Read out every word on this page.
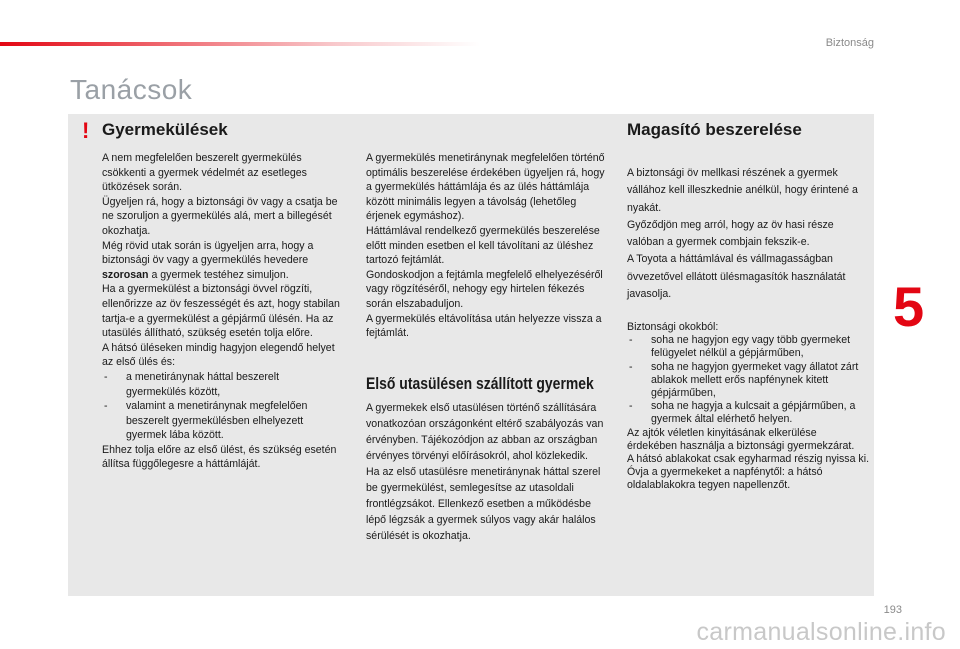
Biztonság
Tanácsok
! Gyermekülések	Magasító beszerelése

A nem megfelelően beszerelt gyermekülés csökkenti a gyermek védelmét az esetleges ütközések során.

Ügyeljen rá, hogy a biztonsági öv vagy a csatja be ne szoruljon a gyermekülés alá, mert a billegését okozhatja.

Még rövid utak során is ügyeljen arra, hogy a biztonsági öv vagy a gyermekülés hevedere szorosan a gyermek testéhez simuljon.

Ha a gyermekülést a biztonsági övvel rögzíti, ellenőrizze az öv feszességét és azt, hogy stabilan tartja-e a gyermekülést a gépjármű ülésén. Ha az utasülés állítható, szükség esetén tolja előre.

A hátsó üléseken mindig hagyjon elegendő helyet az első ülés és:

- a menetiránynak háttal beszerelt gyermekülés között,

- valamint a menetiránynak megfelelően beszerelt gyermekülésben elhelyezett gyermek lába között.

Ehhez tolja előre az első ülést, és szükség esetén állítsa függőlegesre a háttámláját.

A gyermekülés menetiránynak megfelelően történő optimális beszerelése érdekében ügyeljen rá, hogy a gyermekülés háttámlája és az ülés háttámlája között minimális legyen a távolság (lehetőleg érjenek egymáshoz).

Háttámlával rendelkező gyermekülés beszerelése előtt minden esetben el kell távolítani az üléshez tartozó fejtámlát.

Gondoskodjon a fejtámla megfelelő elhelyezéséről vagy rögzítéséről, nehogy egy hirtelen fékezés során elszabaduljon.

A gyermekülés eltávolítása után helyezze vissza a fejtámlát.

Első utasülésen szállított gyermek

A gyermekek első utasülésen történő szállítására vonatkozóan országonként eltérő szabályozás van érvényben. Tájékozódjon az abban az országban érvényes törvényi előírásokról, ahol közlekedik.

Ha az első utasülésre menetiránynak háttal szerel be gyermekülést, semlegesítse az utasoldali frontlégzsákot. Ellenkező esetben a működésbe lépő légzsák a gyermek súlyos vagy akár halálos sérülését is okozhatja.

A biztonsági öv mellkasi részének a gyermek vállához kell illeszkednie anélkül, hogy érintené a nyakát.

Győződjön meg arról, hogy az öv hasi része valóban a gyermek combjain fekszik-e.

A Toyota a háttámlával és vállmagasságban övvezetővel ellátott ülésmagasítók használatát javasolja.

Biztonsági okokból:

- soha ne hagyjon egy vagy több gyermeket felügyelet nélkül a gépjárműben,

- soha ne hagyjon gyermeket vagy állatot zárt ablakok mellett erős napfénynek kitett gépjárműben,

- soha ne hagyja a kulcsait a gépjárműben, a gyermek által elérhető helyen.

Az ajtók véletlen kinyitásának elkerülése érdekében használja a biztonsági gyermekzárat.

A hátsó ablakokat csak egyharmad részig nyissa ki.

Óvja a gyermekeket a napfénytől: a hátsó oldalablakokra tegyen napellenzőt.

5
193
carmanualsonline.info
